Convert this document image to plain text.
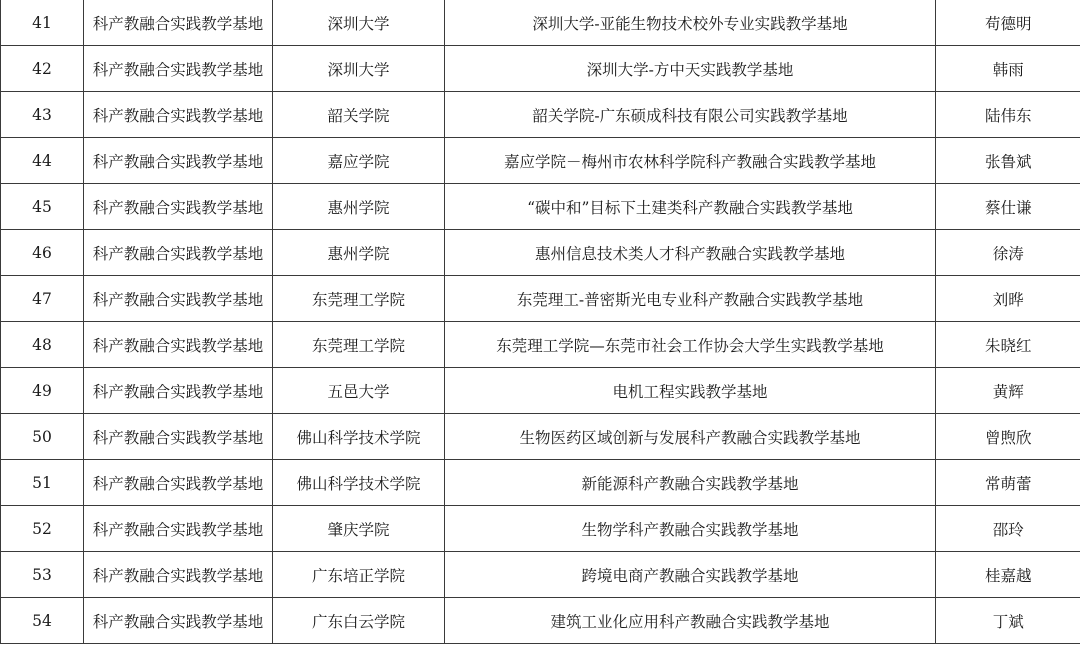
41	科产教融合实践教学基地	深圳大学	深圳大学-亚能生物技术校外专业实践教学基地	苟德明
42	科产教融合实践教学基地	深圳大学	深圳大学-方中天实践教学基地	韩雨
43	科产教融合实践教学基地	韶关学院	韶关学院-广东硕成科技有限公司实践教学基地	陆伟东
44	科产教融合实践教学基地	嘉应学院	嘉应学院－梅州市农林科学院科产教融合实践教学基地	张鲁斌
45	科产教融合实践教学基地	惠州学院	“碳中和”目标下土建类科产教融合实践教学基地	蔡仕谦
46	科产教融合实践教学基地	惠州学院	惠州信息技术类人才科产教融合实践教学基地	徐涛
47	科产教融合实践教学基地	东莞理工学院	东莞理工-普密斯光电专业科产教融合实践教学基地	刘晔
48	科产教融合实践教学基地	东莞理工学院	东莞理工学院—东莞市社会工作协会大学生实践教学基地	朱晓红
49	科产教融合实践教学基地	五邑大学	电机工程实践教学基地	黄辉
50	科产教融合实践教学基地	佛山科学技术学院	生物医药区域创新与发展科产教融合实践教学基地	曾煦欣
51	科产教融合实践教学基地	佛山科学技术学院	新能源科产教融合实践教学基地	常萌蕾
52	科产教融合实践教学基地	肇庆学院	生物学科产教融合实践教学基地	邵玲
53	科产教融合实践教学基地	广东培正学院	跨境电商产教融合实践教学基地	桂嘉越
54	科产教融合实践教学基地	广东白云学院	建筑工业化应用科产教融合实践教学基地	丁斌
